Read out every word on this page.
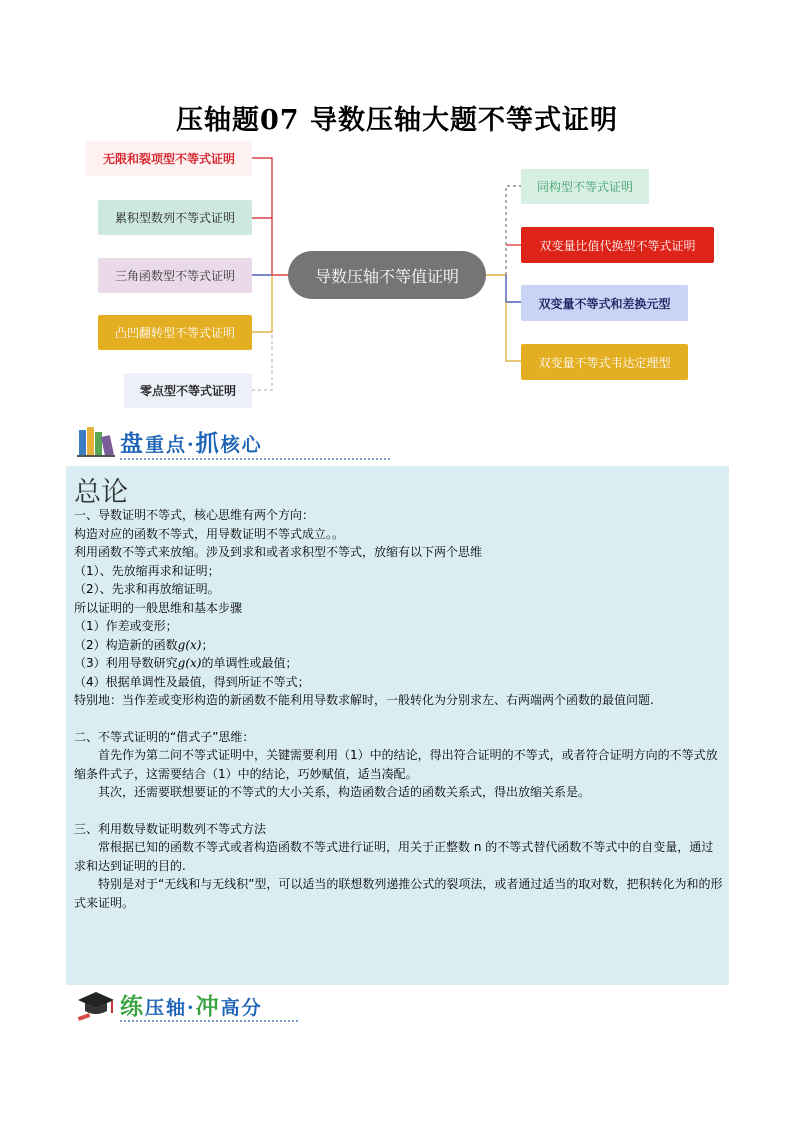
压轴题07 导数压轴大题不等式证明
导数压轴不等值证明
无限和裂项型不等式证明
累积型数列不等式证明
三角函数型不等式证明
凸凹翻转型不等式证明
零点型不等式证明
同构型不等式证明
双变量比值代换型不等式证明
双变量不等式和差换元型
双变量不等式韦达定理型
盘重点·抓核心
总论

一、导数证明不等式，核心思维有两个方向：

构造对应的函数不等式，用导数证明不等式成立。。

利用函数不等式来放缩。涉及到求和或者求积型不等式，放缩有以下两个思维

（1）、先放缩再求和证明；

（2）、先求和再放缩证明。

所以证明的一般思维和基本步骤

（1）作差或变形；

（2）构造新的函数g(x)；

（3）利用导数研究g(x)的单调性或最值；

（4）根据单调性及最值，得到所证不等式；

特别地：当作差或变形构造的新函数不能利用导数求解时，一般转化为分别求左、右两端两个函数的最值问题.

二、不等式证明的“借式子”思维：

首先作为第二问不等式证明中，关键需要利用（1）中的结论，得出符合证明的不等式，或者符合证明方向的不等式放缩条件式子，这需要结合（1）中的结论，巧妙赋值，适当凑配。

其次，还需要联想要证的不等式的大小关系，构造函数合适的函数关系式，得出放缩关系是。

三、利用数导数证明数列不等式方法

常根据已知的函数不等式或者构造函数不等式进行证明，用关于正整数 n 的不等式替代函数不等式中的自变量，通过求和达到证明的目的.

特别是对于“无线和与无线积”型，可以适当的联想数列递推公式的裂项法，或者通过适当的取对数，把积转化为和的形式来证明。

练压轴·冲高分
